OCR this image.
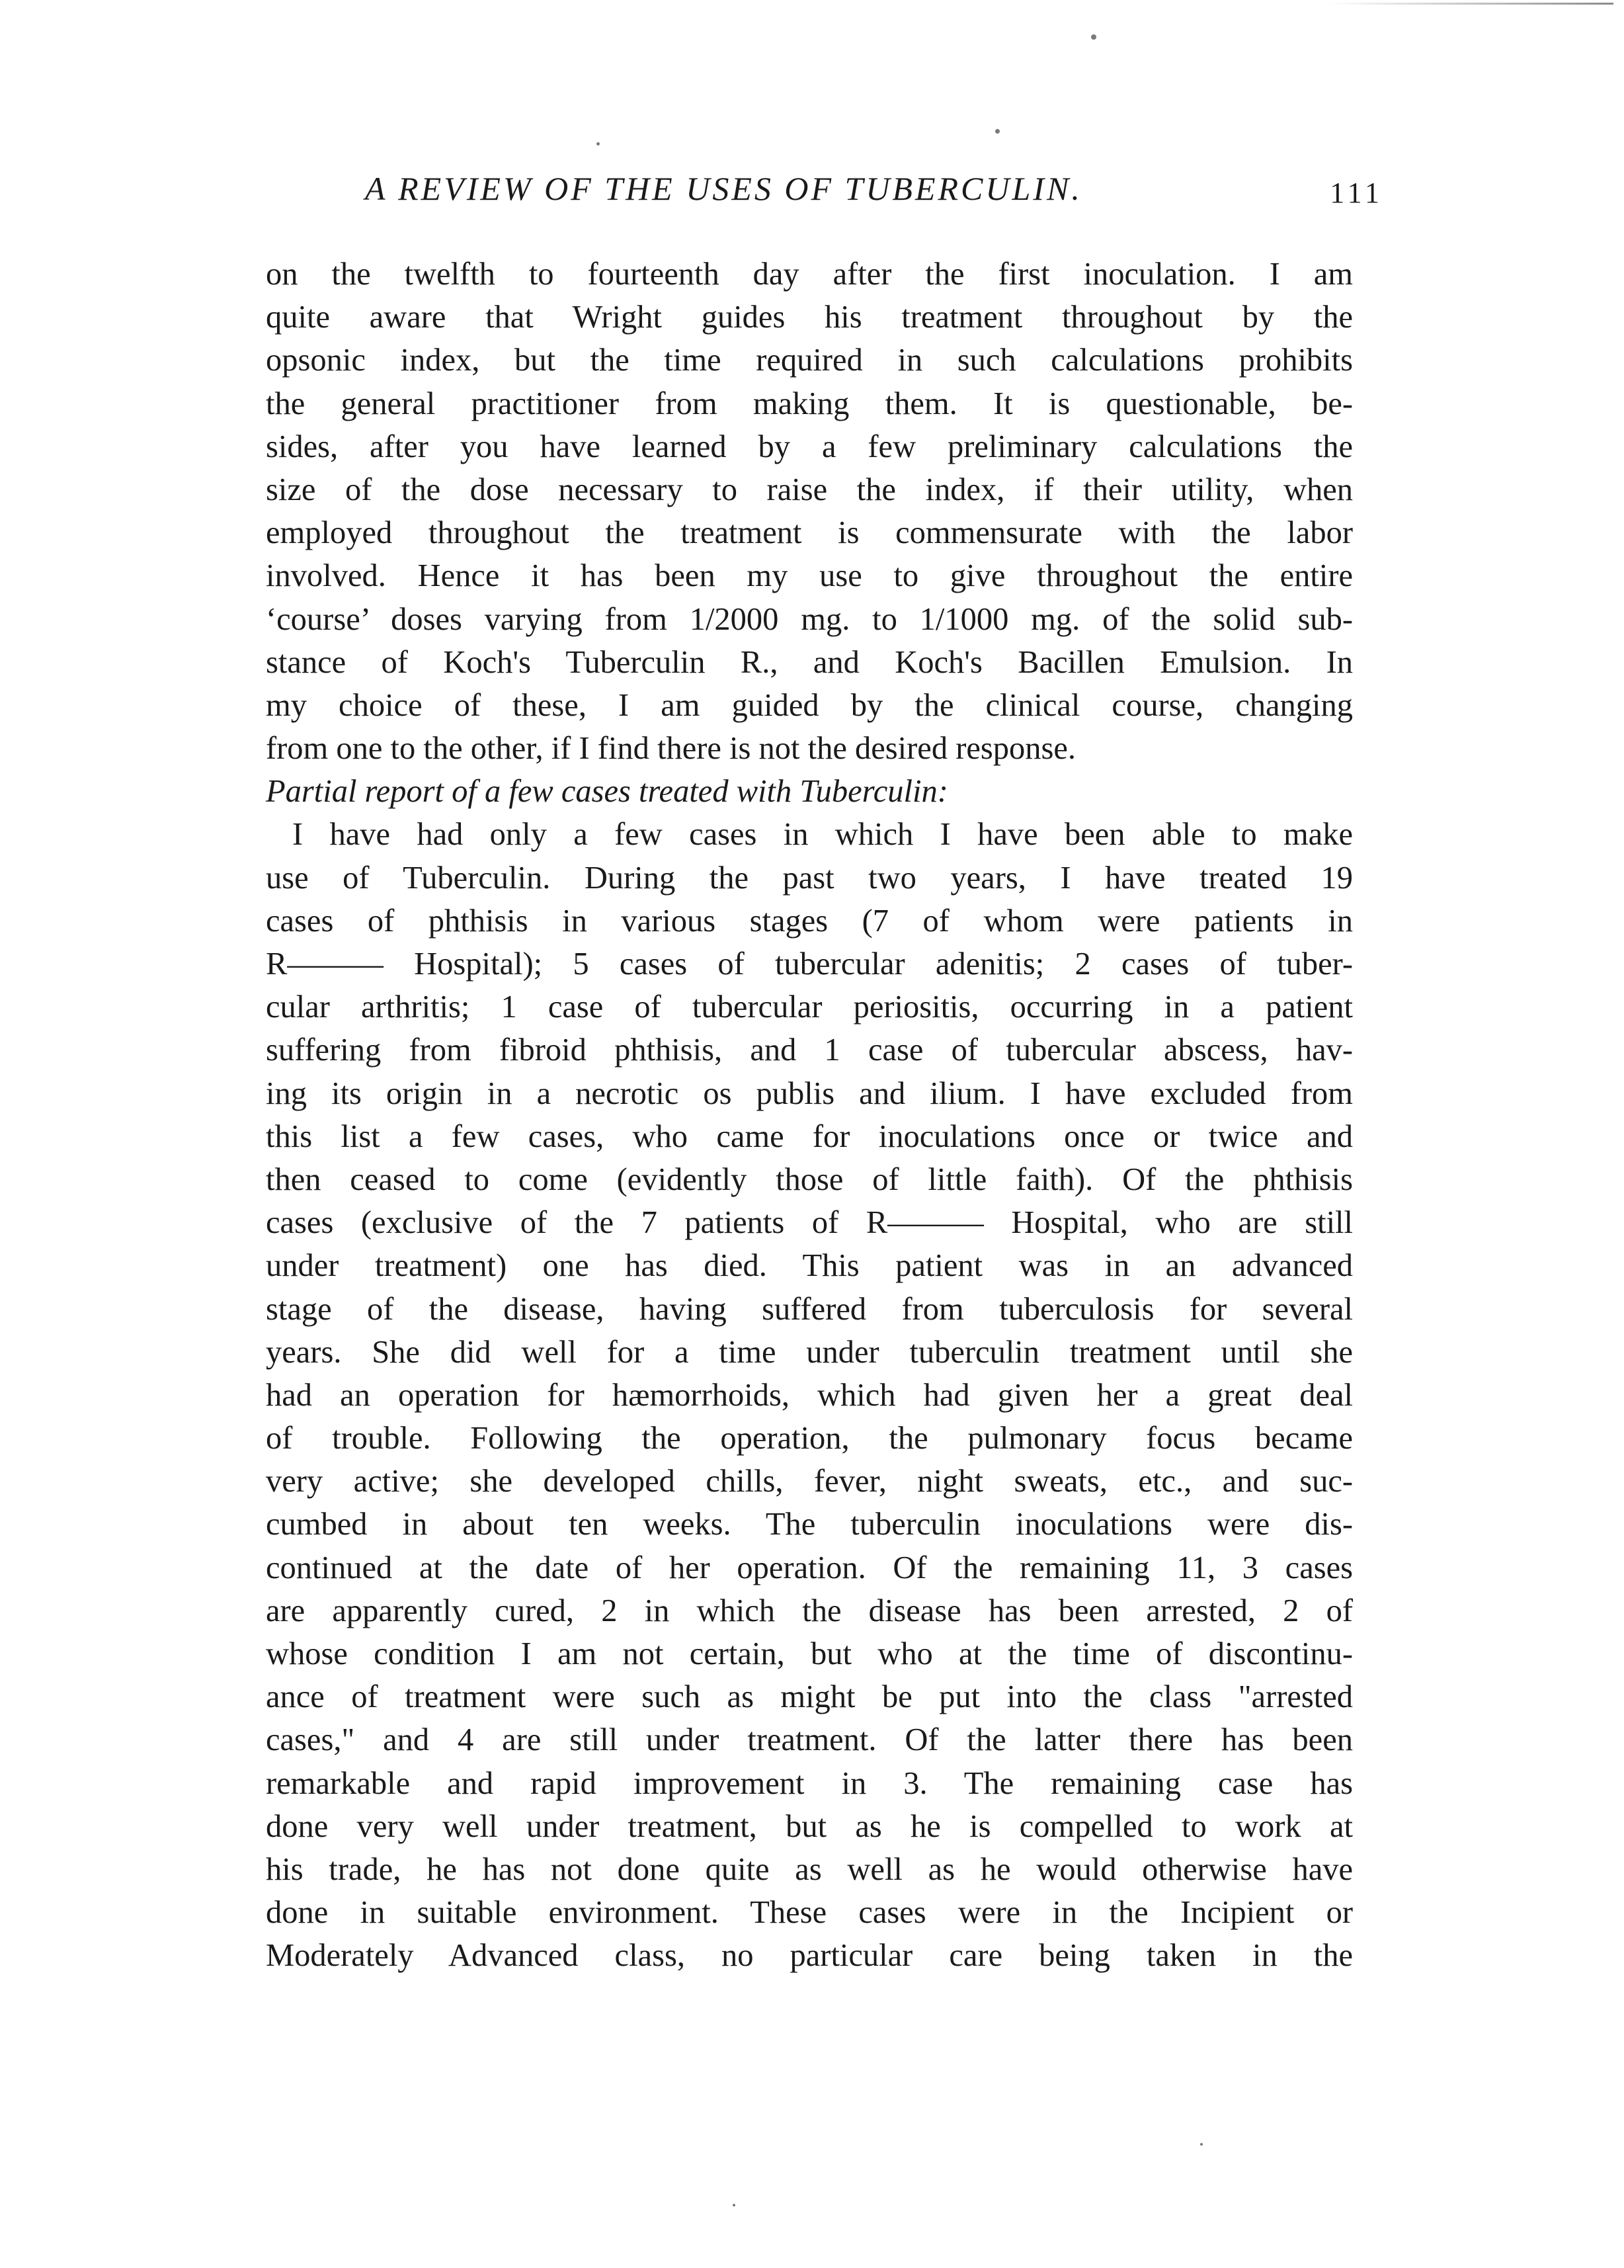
A REVIEW OF THE USES OF TUBERCULIN.	111
on the twelfth to fourteenth day after the first inoculation. I am
quite aware that Wright guides his treatment throughout by the
opsonic index, but the time required in such calculations prohibits
the general practitioner from making them. It is questionable, be-
sides, after you have learned by a few preliminary calculations the
size of the dose necessary to raise the index, if their utility, when
employed throughout the treatment is commensurate with the labor
involved. Hence it has been my use to give throughout the entire
‘course’ doses varying from 1/2000 mg. to 1/1000 mg. of the solid sub-
stance of Koch's Tuberculin R., and Koch's Bacillen Emulsion. In
my choice of these, I am guided by the clinical course, changing
from one to the other, if I find there is not the desired response.
Partial report of a few cases treated with Tuberculin:
I have had only a few cases in which I have been able to make
use of Tuberculin. During the past two years, I have treated 19
cases of phthisis in various stages (7 of whom were patients in
R——— Hospital); 5 cases of tubercular adenitis; 2 cases of tuber-
cular arthritis; 1 case of tubercular periositis, occurring in a patient
suffering from fibroid phthisis, and 1 case of tubercular abscess, hav-
ing its origin in a necrotic os publis and ilium. I have excluded from
this list a few cases, who came for inoculations once or twice and
then ceased to come (evidently those of little faith). Of the phthisis
cases (exclusive of the 7 patients of R——— Hospital, who are still
under treatment) one has died. This patient was in an advanced
stage of the disease, having suffered from tuberculosis for several
years. She did well for a time under tuberculin treatment until she
had an operation for hæmorrhoids, which had given her a great deal
of trouble. Following the operation, the pulmonary focus became
very active; she developed chills, fever, night sweats, etc., and suc-
cumbed in about ten weeks. The tuberculin inoculations were dis-
continued at the date of her operation. Of the remaining 11, 3 cases
are apparently cured, 2 in which the disease has been arrested, 2 of
whose condition I am not certain, but who at the time of discontinu-
ance of treatment were such as might be put into the class "arrested
cases," and 4 are still under treatment. Of the latter there has been
remarkable and rapid improvement in 3. The remaining case has
done very well under treatment, but as he is compelled to work at
his trade, he has not done quite as well as he would otherwise have
done in suitable environment. These cases were in the Incipient or
Moderately Advanced class, no particular care being taken in the
